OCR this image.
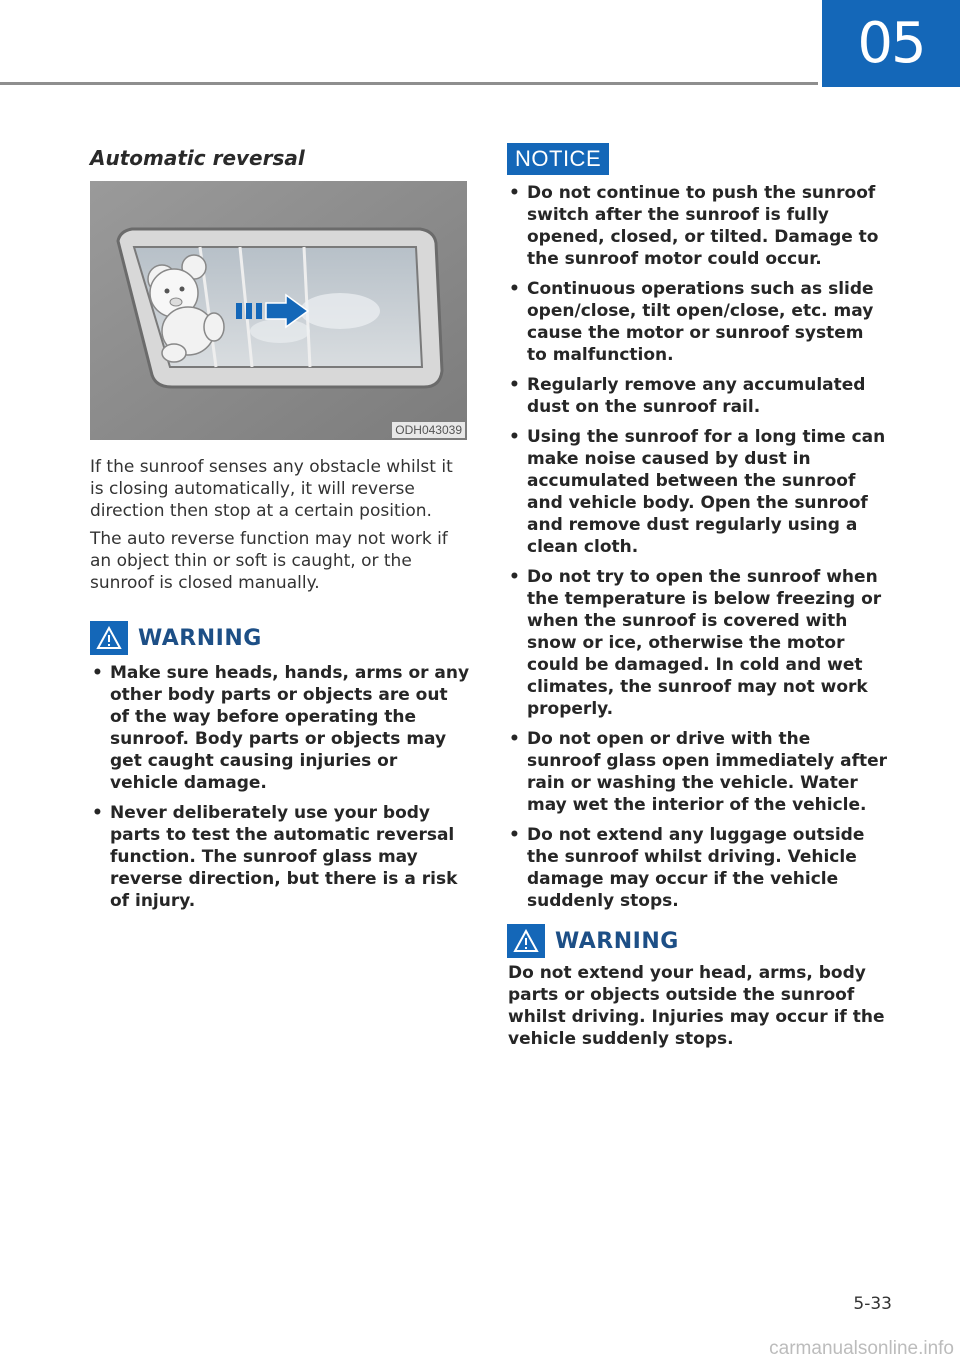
05
Automatic reversal
ODH043039

If the sunroof senses any obstacle whilst it is closing automatically, it will reverse direction then stop at a certain position.

The auto reverse function may not work if an object thin or soft is caught, or the sunroof is closed manually.

WARNING
• Make sure heads, hands, arms or any other body parts or objects are out of the way before operating the sunroof. Body parts or objects may get caught causing injuries or vehicle damage.
• Never deliberately use your body parts to test the automatic reversal function. The sunroof glass may reverse direction, but there is a risk of injury.
NOTICE
• Do not continue to push the sunroof switch after the sunroof is fully opened, closed, or tilted. Damage to the sunroof motor could occur.
• Continuous operations such as slide open/close, tilt open/close, etc. may cause the motor or sunroof system to malfunction.
• Regularly remove any accumulated dust on the sunroof rail.
• Using the sunroof for a long time can make noise caused by dust in accumulated between the sunroof and vehicle body. Open the sunroof and remove dust regularly using a clean cloth.
• Do not try to open the sunroof when the temperature is below freezing or when the sunroof is covered with snow or ice, otherwise the motor could be damaged. In cold and wet climates, the sunroof may not work properly.
• Do not open or drive with the sunroof glass open immediately after rain or washing the vehicle. Water may wet the interior of the vehicle.
• Do not extend any luggage outside the sunroof whilst driving. Vehicle damage may occur if the vehicle suddenly stops.
WARNING

Do not extend your head, arms, body parts or objects outside the sunroof whilst driving. Injuries may occur if the vehicle suddenly stops.

5-33
carmanualsonline.info
